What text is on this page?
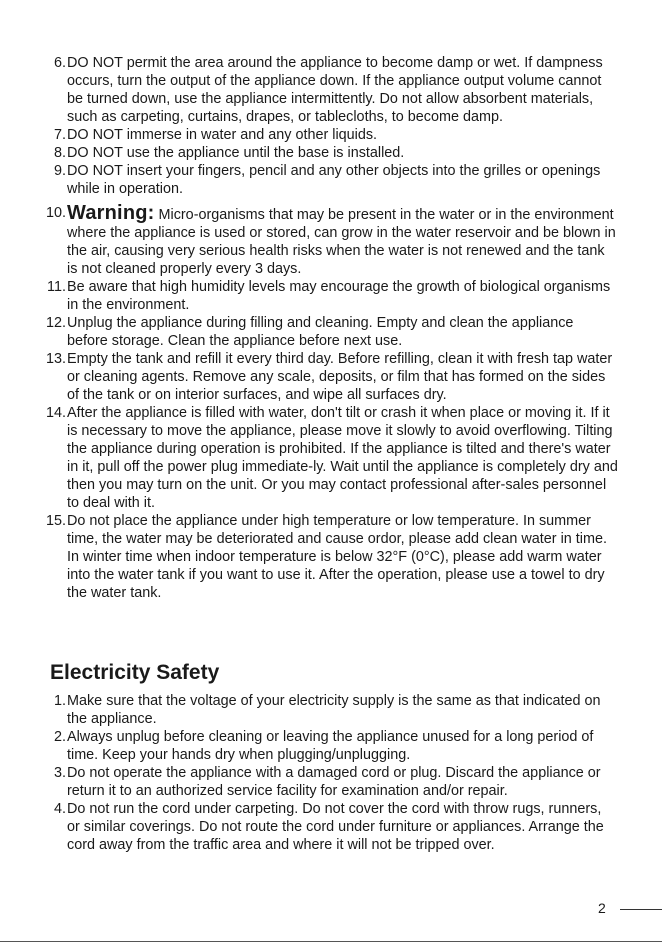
6 . DO NOT permit the area around the appliance to become damp or wet. If dampness occurs, turn the output of the appliance down. If the appliance output volume cannot be turned down, use the appliance intermittently. Do not allow absorbent materials, such as carpeting, curtains, drapes, or tablecloths, to become damp.
7 . DO NOT immerse in water and any other liquids.
8 . DO NOT use the appliance until the base is installed.
9 . DO NOT insert your fingers, pencil and any other objects into the grilles or openings while in operation.
10 . Warning: Micro-organisms that may be present in the water or in the environment where the appliance is used or stored, can grow in the water reservoir and be blown in the air, causing very serious health risks when the water is not renewed and the tank is not cleaned properly every 3 days.
11 . Be aware that high humidity levels may encourage the growth of biological organisms in the environment.
12 . Unplug the appliance during filling and cleaning. Empty and clean the appliance before storage. Clean the appliance before next use.
13 . Empty the tank and refill it every third day. Before refilling, clean it with fresh tap water or cleaning agents. Remove any scale, deposits, or film that has formed on the sides of the tank or on interior surfaces, and wipe all surfaces dry.
14 . After the appliance is filled with water, don't tilt or crash it when place or moving it. If it is necessary to move the appliance, please move it slowly to avoid overflowing. Tilting the appliance during operation is prohibited. If the appliance is tilted and there's water in it, pull off the power plug immediate-ly. Wait until the appliance is completely dry and then you may turn on the unit. Or you may contact professional after-sales personnel to deal with it.
15 . Do not place the appliance under high temperature or low temperature. In summer time, the water may be deteriorated and cause ordor, please add clean water in time. In winter time when indoor temperature is below 32°F (0°C), please add warm water into the water tank if you want to use it. After the operation, please use a towel to dry the water tank.
Electricity Safety
1 . Make sure that the voltage of your electricity supply is the same as that indicated on the appliance.
2 . Always unplug before cleaning or leaving the appliance unused for a long period of time. Keep your hands dry when plugging/unplugging.
3 . Do not operate the appliance with a damaged cord or plug. Discard the appliance or return it to an authorized service facility for examination and/or repair.
4 . Do not run the cord under carpeting. Do not cover the cord with throw rugs, runners, or similar coverings. Do not route the cord under furniture or appliances. Arrange the cord away from the traffic area and where it will not be tripped over.
2
